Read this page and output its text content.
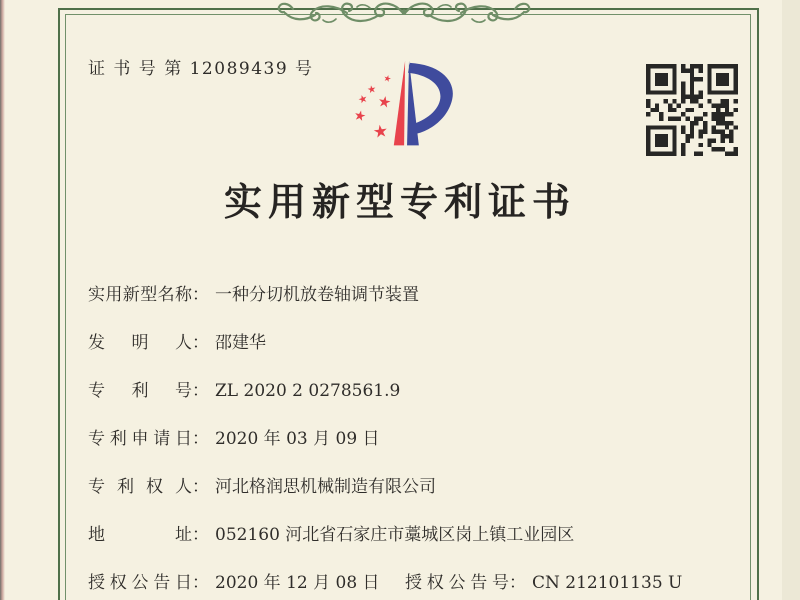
证 书 号 第 12089439 号
实用新型专利证书
实用新型名称： 一种分切机放卷轴调节装置
发明人： 邵建华
专利号： ZL 2020 2 0278561.9
专利申请日： 2020 年 03 月 09 日
专利权人： 河北格润思机械制造有限公司
地址： 052160 河北省石家庄市藁城区岗上镇工业园区
授权公告日： 2020 年 12 月 08 日 授权公告号： CN 212101135 U
